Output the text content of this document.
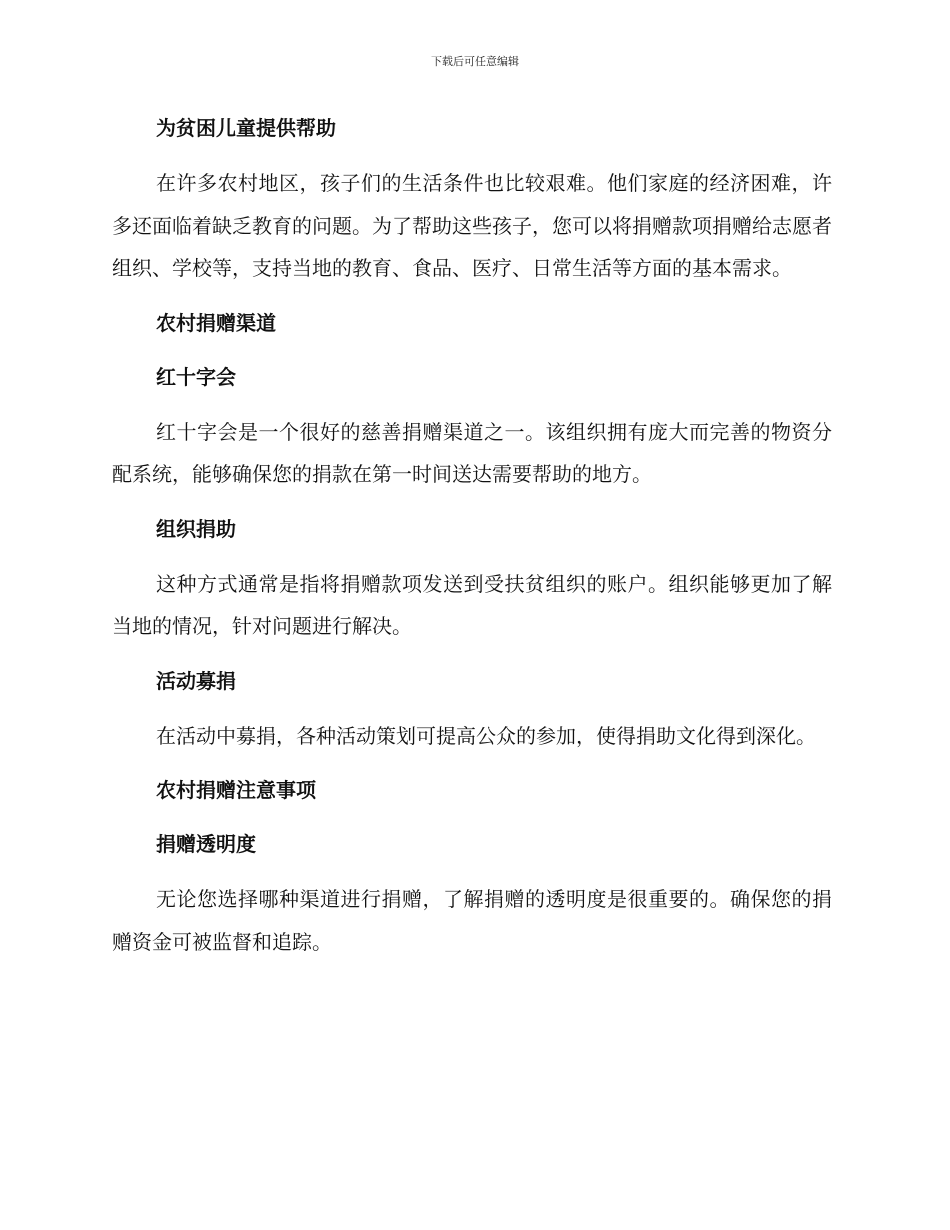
下载后可任意编辑
为贫困儿童提供帮助

在许多农村地区，孩子们的生活条件也比较艰难。他们家庭的经济困难，许多还面临着缺乏教育的问题。为了帮助这些孩子，您可以将捐赠款项捐赠给志愿者组织、学校等，支持当地的教育、食品、医疗、日常生活等方面的基本需求。

农村捐赠渠道
红十字会

红十字会是一个很好的慈善捐赠渠道之一。该组织拥有庞大而完善的物资分配系统，能够确保您的捐款在第一时间送达需要帮助的地方。

组织捐助

这种方式通常是指将捐赠款项发送到受扶贫组织的账户。组织能够更加了解当地的情况，针对问题进行解决。

活动募捐

在活动中募捐，各种活动策划可提高公众的参加，使得捐助文化得到深化。

农村捐赠注意事项
捐赠透明度

无论您选择哪种渠道进行捐赠，了解捐赠的透明度是很重要的。确保您的捐赠资金可被监督和追踪。
